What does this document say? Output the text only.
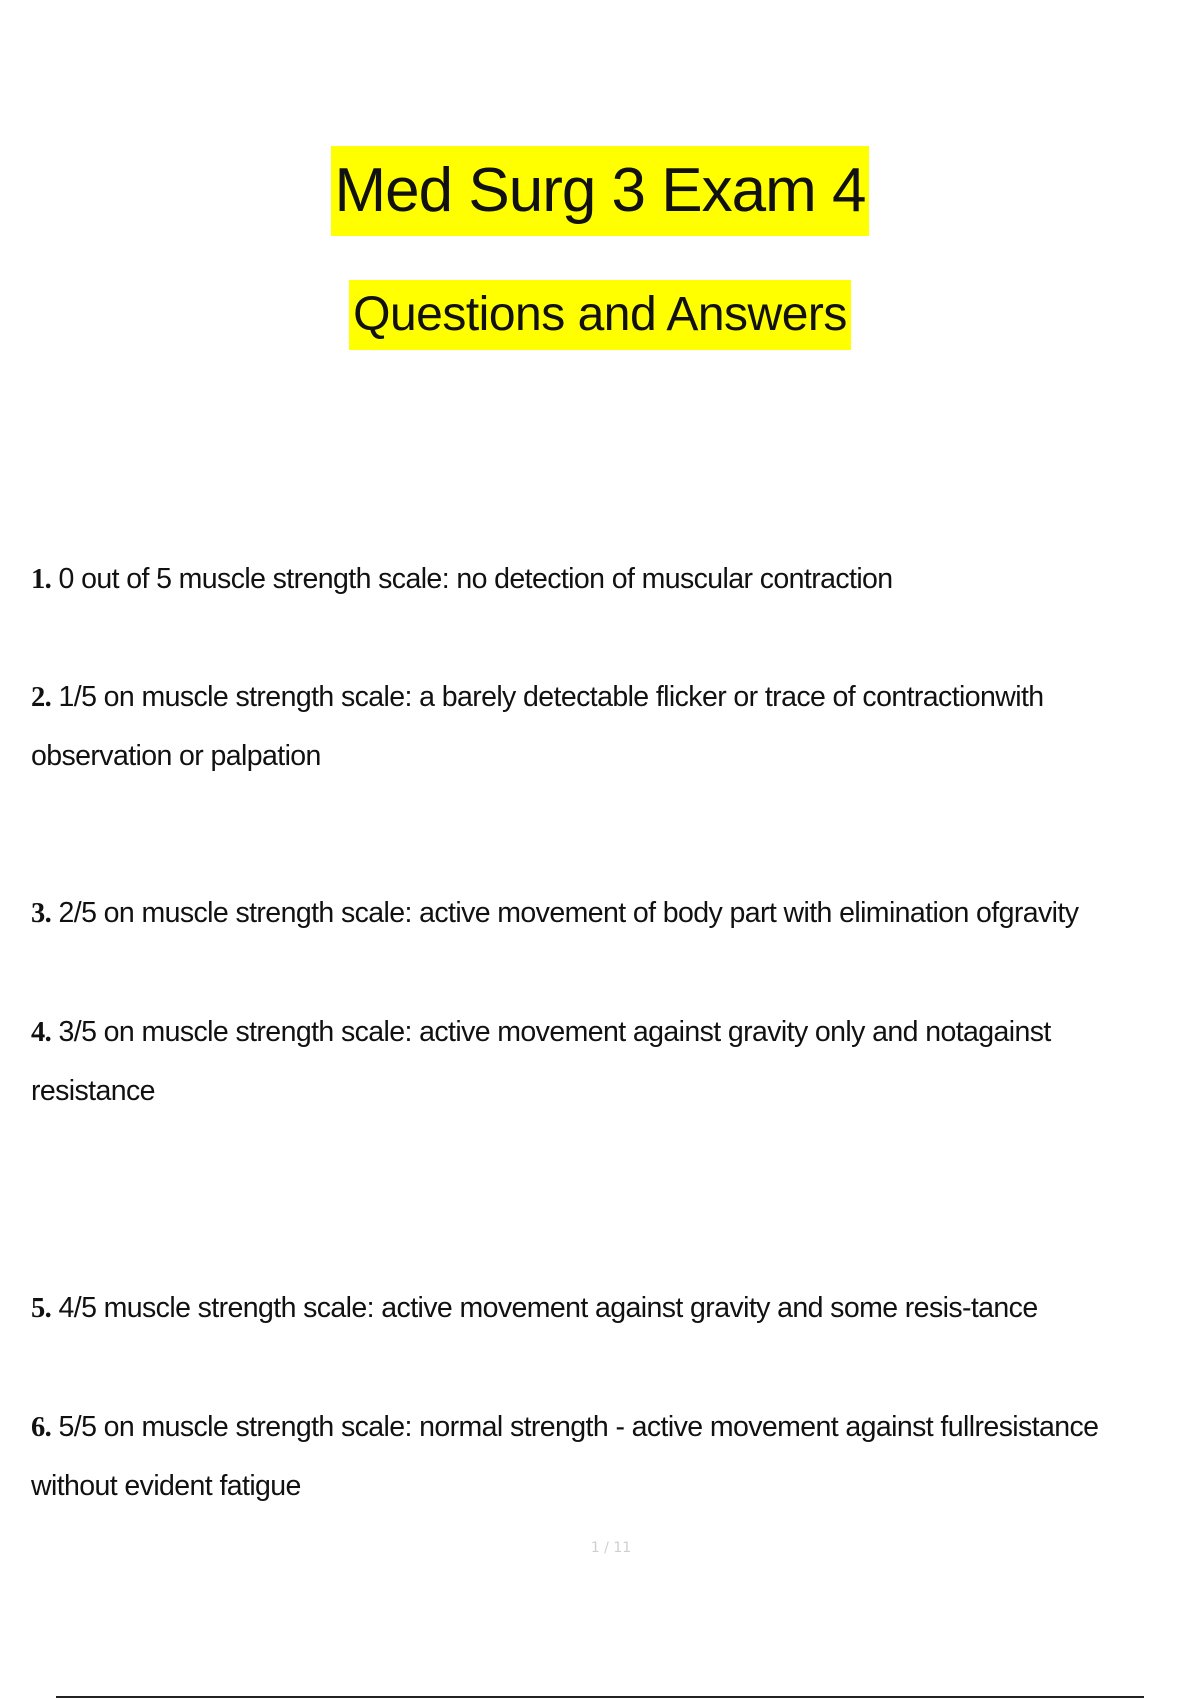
Med Surg 3 Exam 4
Questions and Answers
1. 0 out of 5 muscle strength scale: no detection of muscular contraction
2. 1/5 on muscle strength scale: a barely detectable flicker or trace of contractionwith observation or palpation
3. 2/5 on muscle strength scale: active movement of body part with elimination ofgravity
4. 3/5 on muscle strength scale: active movement against gravity only and notagainst resistance
5. 4/5 muscle strength scale: active movement against gravity and some resis-tance
6. 5/5 on muscle strength scale: normal strength - active movement against fullresistance without evident fatigue
1 / 11
